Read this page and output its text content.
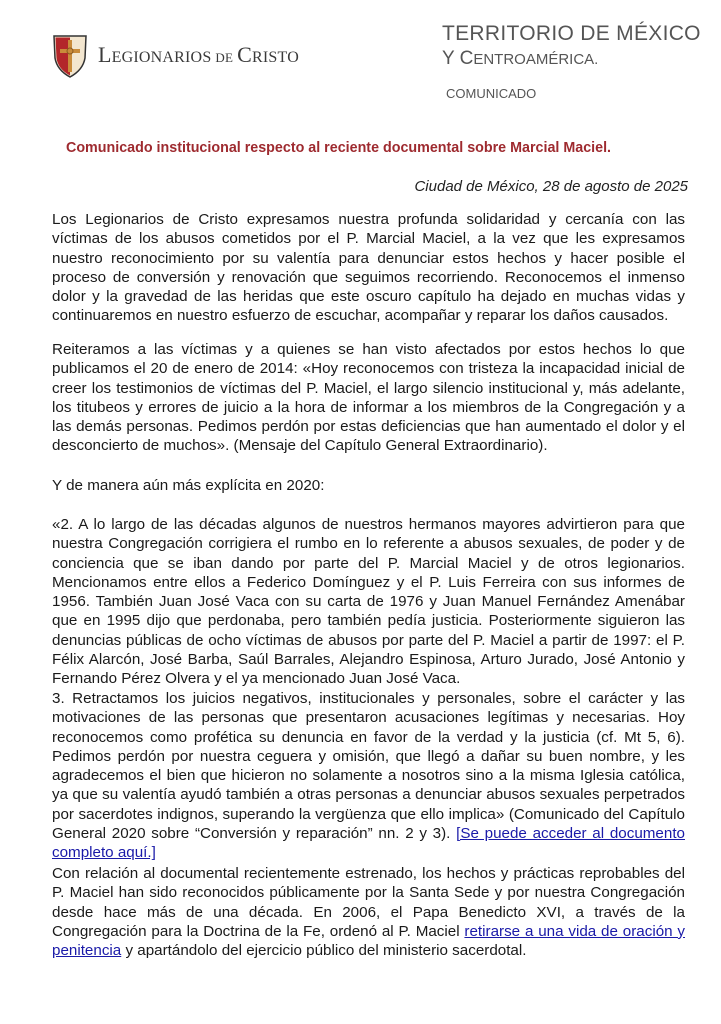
LEGIONARIOS DE CRISTO
TERRITORIO DE MÉXICO
Y CENTROAMÉRICA.
COMUNICADO
Comunicado institucional respecto al reciente documental sobre Marcial Maciel.
Ciudad de México, 28 de agosto de 2025

Los Legionarios de Cristo expresamos nuestra profunda solidaridad y cercanía con las víctimas de los abusos cometidos por el P. Marcial Maciel, a la vez que les expresamos nuestro reconocimiento por su valentía para denunciar estos hechos y hacer posible el proceso de conversión y renovación que seguimos recorriendo. Reconocemos el inmenso dolor y la gravedad de las heridas que este oscuro capítulo ha dejado en muchas vidas y continuaremos en nuestro esfuerzo de escuchar, acompañar y reparar los daños causados.

Reiteramos a las víctimas y a quienes se han visto afectados por estos hechos lo que publicamos el 20 de enero de 2014: «Hoy reconocemos con tristeza la incapacidad inicial de creer los testimonios de víctimas del P. Maciel, el largo silencio institucional y, más adelante, los titubeos y errores de juicio a la hora de informar a los miembros de la Congregación y a las demás personas. Pedimos perdón por estas deficiencias que han aumentado el dolor y el desconcierto de muchos». (Mensaje del Capítulo General Extraordinario).

Y de manera aún más explícita en 2020:

«2. A lo largo de las décadas algunos de nuestros hermanos mayores advirtieron para que nuestra Congregación corrigiera el rumbo en lo referente a abusos sexuales, de poder y de conciencia que se iban dando por parte del P. Marcial Maciel y de otros legionarios. Mencionamos entre ellos a Federico Domínguez y el P. Luis Ferreira con sus informes de 1956. También Juan José Vaca con su carta de 1976 y Juan Manuel Fernández Amenábar que en 1995 dijo que perdonaba, pero también pedía justicia. Posteriormente siguieron las denuncias públicas de ocho víctimas de abusos por parte del P. Maciel a partir de 1997: el P. Félix Alarcón, José Barba, Saúl Barrales, Alejandro Espinosa, Arturo Jurado, José Antonio y Fernando Pérez Olvera y el ya mencionado Juan José Vaca.

3. Retractamos los juicios negativos, institucionales y personales, sobre el carácter y las motivaciones de las personas que presentaron acusaciones legítimas y necesarias. Hoy reconocemos como profética su denuncia en favor de la verdad y la justicia (cf. Mt 5, 6). Pedimos perdón por nuestra ceguera y omisión, que llegó a dañar su buen nombre, y les agradecemos el bien que hicieron no solamente a nosotros sino a la misma Iglesia católica, ya que su valentía ayudó también a otras personas a denunciar abusos sexuales perpetrados por sacerdotes indignos, superando la vergüenza que ello implica» (Comunicado del Capítulo General 2020 sobre “Conversión y reparación” nn. 2 y 3). [Se puede acceder al documento completo aquí.]

Con relación al documental recientemente estrenado, los hechos y prácticas reprobables del P. Maciel han sido reconocidos públicamente por la Santa Sede y por nuestra Congregación desde hace más de una década. En 2006, el Papa Benedicto XVI, a través de la Congregación para la Doctrina de la Fe, ordenó al P. Maciel retirarse a una vida de oración y penitencia y apartándolo del ejercicio público del ministerio sacerdotal.
